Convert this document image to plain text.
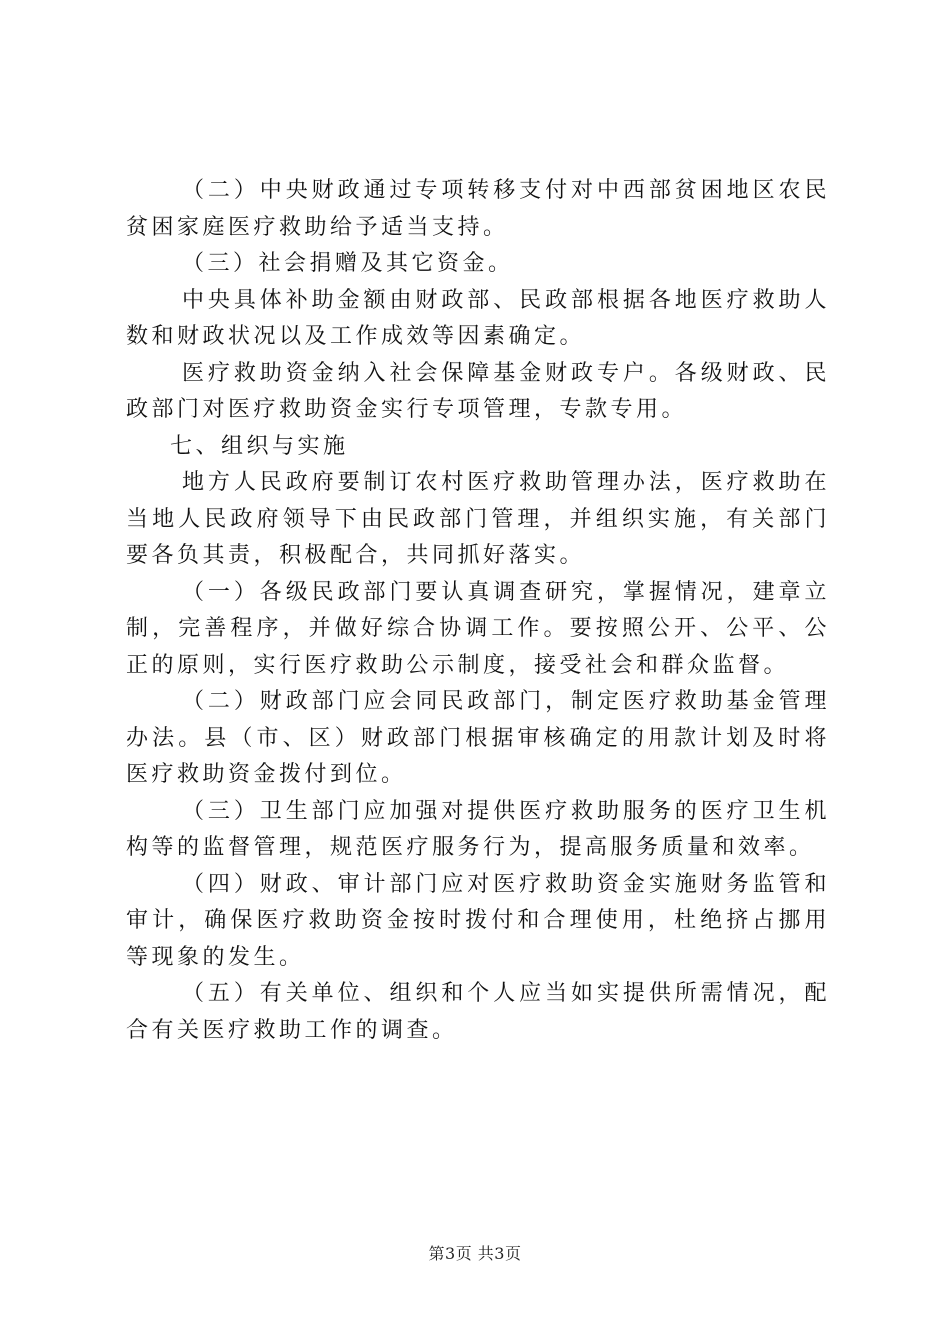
（二）中央财政通过专项转移支付对中西部贫困地区农民贫困家庭医疗救助给予适当支持。

（三）社会捐赠及其它资金。

中央具体补助金额由财政部、民政部根据各地医疗救助人数和财政状况以及工作成效等因素确定。

医疗救助资金纳入社会保障基金财政专户。各级财政、民政部门对医疗救助资金实行专项管理，专款专用。

七、组织与实施

地方人民政府要制订农村医疗救助管理办法，医疗救助在当地人民政府领导下由民政部门管理，并组织实施，有关部门要各负其责，积极配合，共同抓好落实。

（一）各级民政部门要认真调查研究，掌握情况，建章立制，完善程序，并做好综合协调工作。要按照公开、公平、公正的原则，实行医疗救助公示制度，接受社会和群众监督。

（二）财政部门应会同民政部门，制定医疗救助基金管理办法。县（市、区）财政部门根据审核确定的用款计划及时将医疗救助资金拨付到位。

（三）卫生部门应加强对提供医疗救助服务的医疗卫生机构等的监督管理，规范医疗服务行为，提高服务质量和效率。

（四）财政、审计部门应对医疗救助资金实施财务监管和审计，确保医疗救助资金按时拨付和合理使用，杜绝挤占挪用等现象的发生。

（五）有关单位、组织和个人应当如实提供所需情况，配合有关医疗救助工作的调查。

第3页 共3页
